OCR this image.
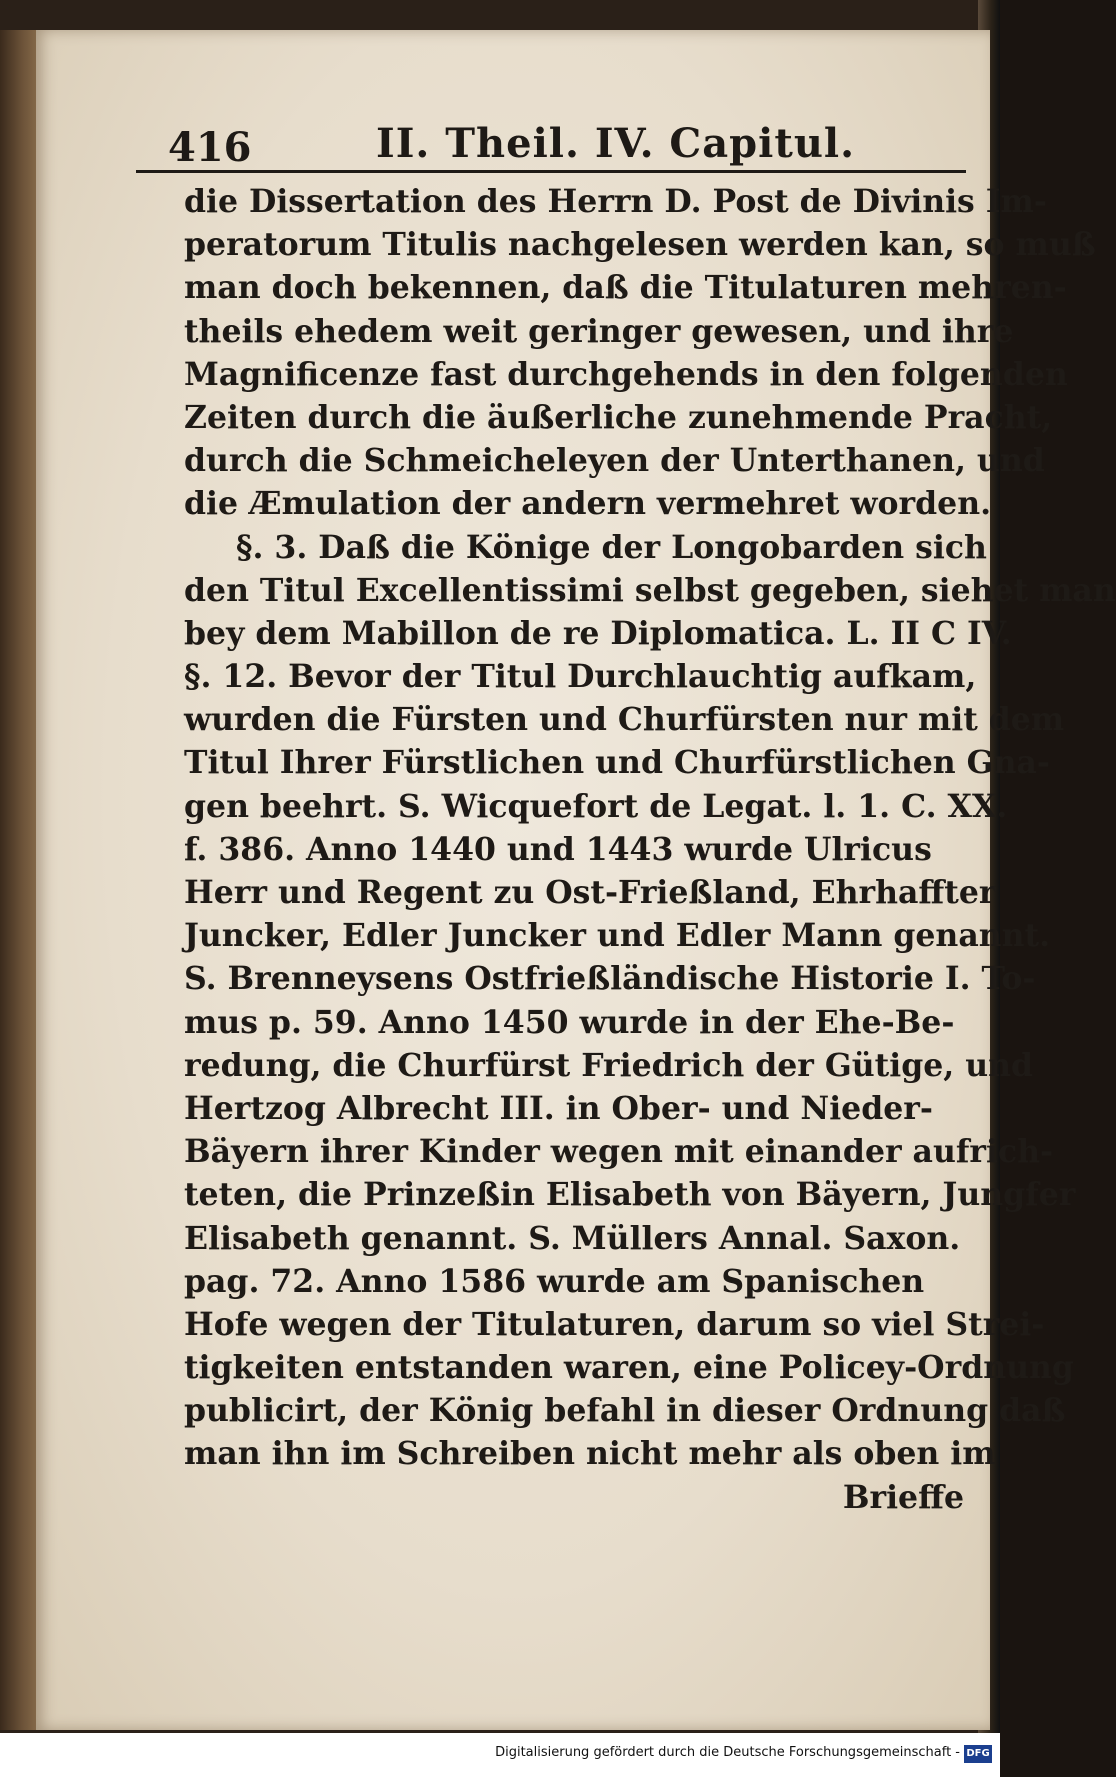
416	II. Theil. IV. Capitul.
die Dissertation des Herrn D. Post de Divinis Im-
peratorum Titulis nachgelesen werden kan, so muß
man doch bekennen, daß die Titulaturen mehren-
theils ehedem weit geringer gewesen, und ihre
Magnificenze fast durchgehends in den folgenden
Zeiten durch die äußerliche zunehmende Pracht,
durch die Schmeicheleyen der Unterthanen, und
die Æmulation der andern vermehret worden.
§. 3. Daß die Könige der Longobarden sich
den Titul Excellentissimi selbst gegeben, siehet man
bey dem Mabillon de re Diplomatica. L. II C IV.
§. 12. Bevor der Titul Durchlauchtig aufkam,
wurden die Fürsten und Churfürsten nur mit dem
Titul Ihrer Fürstlichen und Churfürstlichen Gna-
gen beehrt. S. Wicquefort de Legat. l. 1. C. XX.
f. 386. Anno 1440 und 1443 wurde Ulricus
Herr und Regent zu Ost-Frießland, Ehrhaffter
Juncker, Edler Juncker und Edler Mann genannt.
S. Brenneysens Ostfrießländische Historie I. To-
mus p. 59. Anno 1450 wurde in der Ehe-Be-
redung, die Churfürst Friedrich der Gütige, und
Hertzog Albrecht III. in Ober- und Nieder-
Bäyern ihrer Kinder wegen mit einander aufrich-
teten, die Prinzeßin Elisabeth von Bäyern, Jungfer
Elisabeth genannt. S. Müllers Annal. Saxon.
pag. 72. Anno 1586 wurde am Spanischen
Hofe wegen der Titulaturen, darum so viel Strei-
tigkeiten entstanden waren, eine Policey-Ordnung
publicirt, der König befahl in dieser Ordnung daß
man ihn im Schreiben nicht mehr als oben im
Brieffe
Digitalisierung gefördert durch die Deutsche Forschungsgemeinschaft - DFG
